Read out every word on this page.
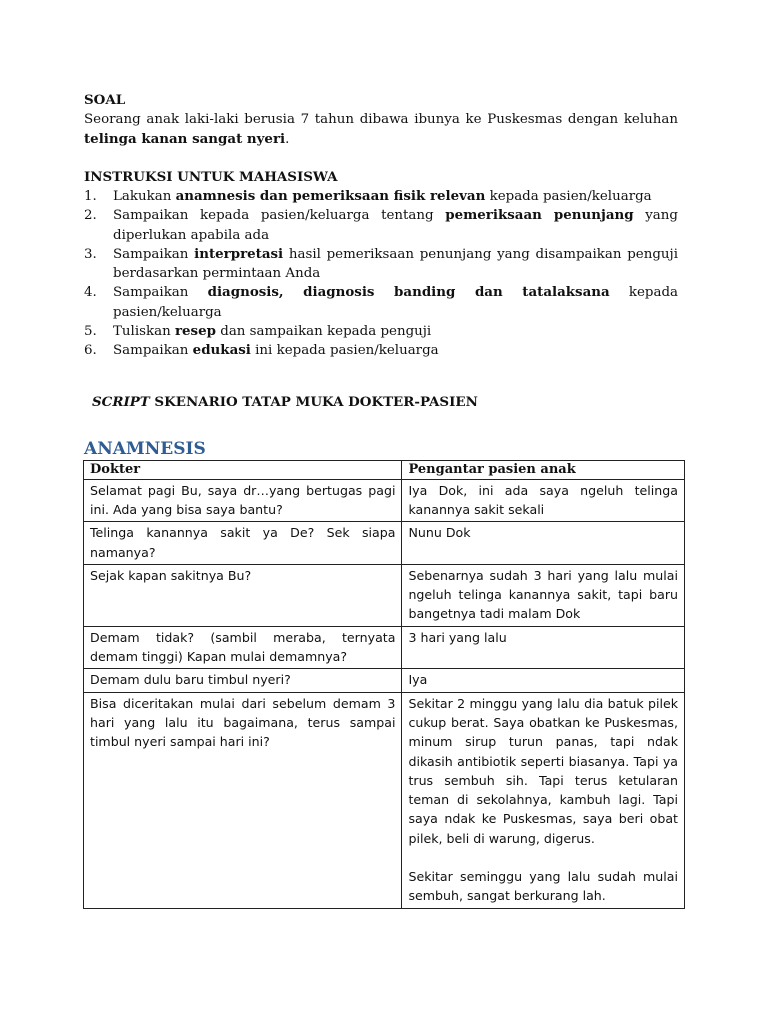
SOAL
Seorang anak laki-laki berusia 7 tahun dibawa ibunya ke Puskesmas dengan keluhan telinga kanan sangat nyeri.
INSTRUKSI UNTUK MAHASISWA
1. Lakukan anamnesis dan pemeriksaan fisik relevan kepada pasien/keluarga
2. Sampaikan kepada pasien/keluarga tentang pemeriksaan penunjang yang diperlukan apabila ada
3. Sampaikan interpretasi hasil pemeriksaan penunjang yang disampaikan penguji berdasarkan permintaan Anda
4. Sampaikan diagnosis, diagnosis banding dan tatalaksana kepada pasien/keluarga
5. Tuliskan resep dan sampaikan kepada penguji
6. Sampaikan edukasi ini kepada pasien/keluarga
SCRIPT SKENARIO TATAP MUKA DOKTER-PASIEN
ANAMNESIS
Dokter	Pengantar pasien anak
Selamat pagi Bu, saya dr…yang bertugas pagi ini. Ada yang bisa saya bantu?	Iya Dok, ini ada saya ngeluh telinga kanannya sakit sekali
Telinga kanannya sakit ya De? Sek siapa namanya?	Nunu Dok
Sejak kapan sakitnya Bu?	Sebenarnya sudah 3 hari yang lalu mulai ngeluh telinga kanannya sakit, tapi baru bangetnya tadi malam Dok
Demam tidak? (sambil meraba, ternyata demam tinggi) Kapan mulai demamnya?	3 hari yang lalu
Demam dulu baru timbul nyeri?	Iya
Bisa diceritakan mulai dari sebelum demam 3 hari yang lalu itu bagaimana, terus sampai timbul nyeri sampai hari ini?	Sekitar 2 minggu yang lalu dia batuk pilek cukup berat. Saya obatkan ke Puskesmas, minum sirup turun panas, tapi ndak dikasih antibiotik seperti biasanya. Tapi ya trus sembuh sih. Tapi terus ketularan teman di sekolahnya, kambuh lagi. Tapi saya ndak ke Puskesmas, saya beri obat pilek, beli di warung, digerus.
Sekitar seminggu yang lalu sudah mulai sembuh, sangat berkurang lah.
